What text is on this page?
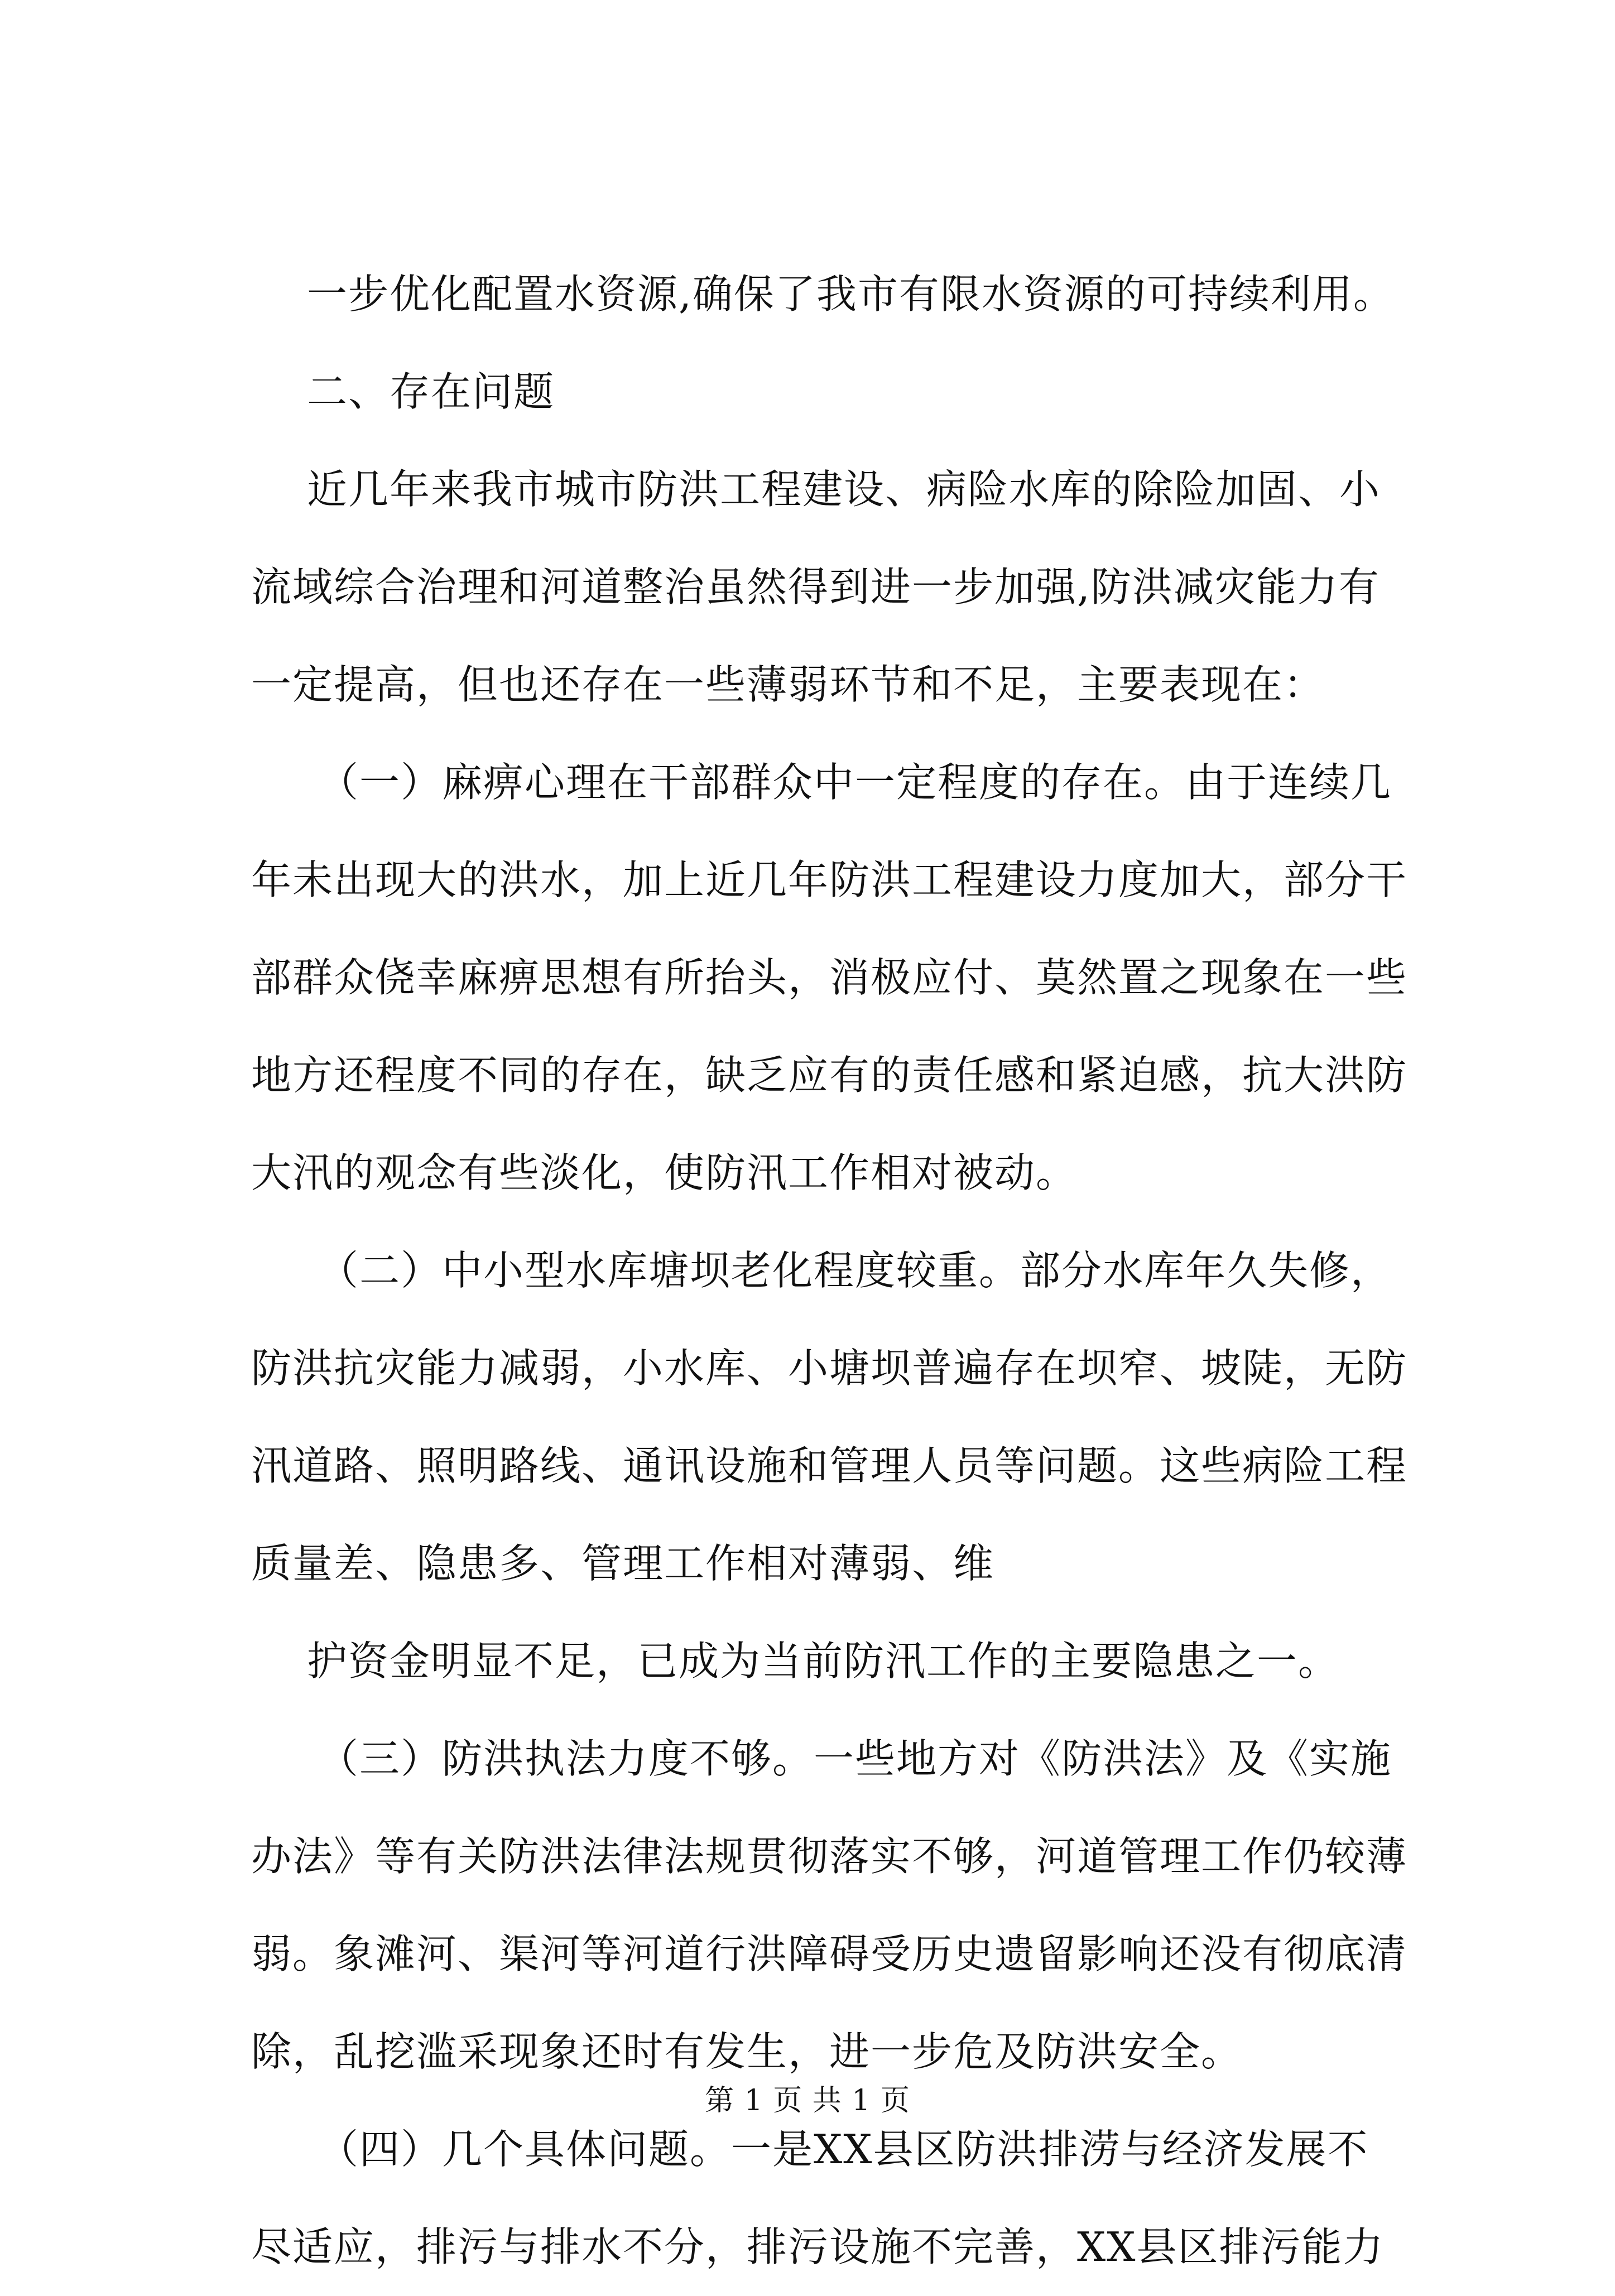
一步优化配置水资源,确保了我市有限水资源的可持续利用。
二、存在问题
近几年来我市城市防洪工程建设、病险水库的除险加固、小
流域综合治理和河道整治虽然得到进一步加强,防洪减灾能力有
一定提高，但也还存在一些薄弱环节和不足，主要表现在：
（一）麻痹心理在干部群众中一定程度的存在。由于连续几
年未出现大的洪水，加上近几年防洪工程建设力度加大，部分干
部群众侥幸麻痹思想有所抬头，消极应付、莫然置之现象在一些
地方还程度不同的存在，缺乏应有的责任感和紧迫感，抗大洪防
大汛的观念有些淡化，使防汛工作相对被动。
（二）中小型水库塘坝老化程度较重。部分水库年久失修，
防洪抗灾能力减弱，小水库、小塘坝普遍存在坝窄、坡陡，无防
汛道路、照明路线、通讯设施和管理人员等问题。这些病险工程
质量差、隐患多、管理工作相对薄弱、维
护资金明显不足，已成为当前防汛工作的主要隐患之一。
（三）防洪执法力度不够。一些地方对《防洪法》及《实施
办法》等有关防洪法律法规贯彻落实不够，河道管理工作仍较薄
弱。象滩河、渠河等河道行洪障碍受历史遗留影响还没有彻底清
除，乱挖滥采现象还时有发生，进一步危及防洪安全。
（四）几个具体问题。一是XX县区防洪排涝与经济发展不
尽适应，排污与排水不分，排污设施不完善，XX县区排污能力
第 1 页 共 1 页
